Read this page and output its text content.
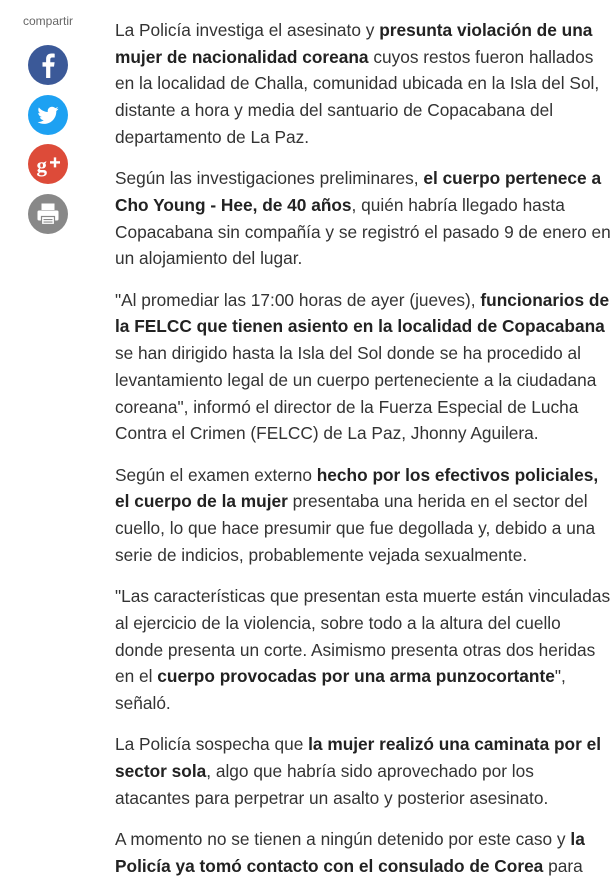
compartir
g

La Policía investiga el asesinato y presunta violación de una mujer de nacionalidad coreana cuyos restos fueron hallados en la localidad de Challa, comunidad ubicada en la Isla del Sol, distante a hora y media del santuario de Copacabana del departamento de La Paz.

Según las investigaciones preliminares, el cuerpo pertenece a Cho Young - Hee, de 40 años, quién habría llegado hasta Copacabana sin compañía y se registró el pasado 9 de enero en un alojamiento del lugar.

"Al promediar las 17:00 horas de ayer (jueves), funcionarios de la FELCC que tienen asiento en la localidad de Copacabana se han dirigido hasta la Isla del Sol donde se ha procedido al levantamiento legal de un cuerpo perteneciente a la ciudadana coreana", informó el director de la Fuerza Especial de Lucha Contra el Crimen (FELCC) de La Paz, Jhonny Aguilera.

Según el examen externo hecho por los efectivos policiales, el cuerpo de la mujer presentaba una herida en el sector del cuello, lo que hace presumir que fue degollada y, debido a una serie de indicios, probablemente vejada sexualmente.

"Las características que presentan esta muerte están vinculadas al ejercicio de la violencia, sobre todo a la altura del cuello donde presenta un corte. Asimismo presenta otras dos heridas en el cuerpo provocadas por una arma punzocortante", señaló.

La Policía sospecha que la mujer realizó una caminata por el sector sola, algo que habría sido aprovechado por los atacantes para perpetrar un asalto y posterior asesinato.

A momento no se tienen a ningún detenido por este caso y la Policía ya tomó contacto con el consulado de Corea para
